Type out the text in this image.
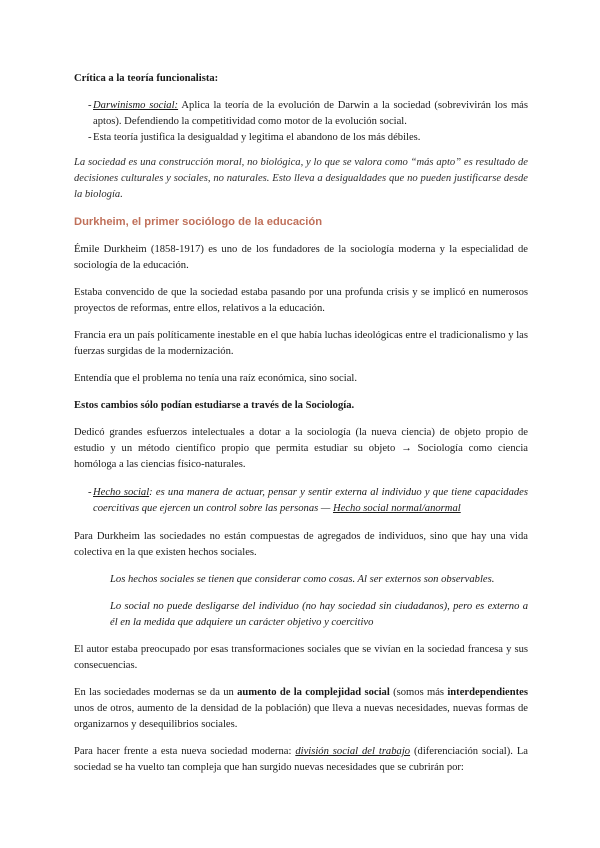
Crítica a la teoría funcionalista:

- Darwinismo social: Aplica la teoría de la evolución de Darwin a la sociedad (sobrevivirán los más aptos). Defendiendo la competitividad como motor de la evolución social.
- Esta teoría justifica la desigualdad y legitima el abandono de los más débiles.

La sociedad es una construcción moral, no biológica, y lo que se valora como “más apto” es resultado de decisiones culturales y sociales, no naturales. Esto lleva a desigualdades que no pueden justificarse desde la biología.

Durkheim, el primer sociólogo de la educación

Émile Durkheim (1858-1917) es uno de los fundadores de la sociología moderna y la especialidad de sociología de la educación.

Estaba convencido de que la sociedad estaba pasando por una profunda crisis y se implicó en numerosos proyectos de reformas, entre ellos, relativos a la educación.

Francia era un país políticamente inestable en el que había luchas ideológicas entre el tradicionalismo y las fuerzas surgidas de la modernización.

Entendía que el problema no tenía una raíz económica, sino social.

Estos cambios sólo podían estudiarse a través de la Sociología.

Dedicó grandes esfuerzos intelectuales a dotar a la sociología (la nueva ciencia) de objeto propio de estudio y un método científico propio que permita estudiar su objeto → Sociología como ciencia homóloga a las ciencias físico-naturales.

- Hecho social: es una manera de actuar, pensar y sentir externa al individuo y que tiene capacidades coercitivas que ejercen un control sobre las personas — Hecho social normal/anormal

Para Durkheim las sociedades no están compuestas de agregados de individuos, sino que hay una vida colectiva en la que existen hechos sociales.

Los hechos sociales se tienen que considerar como cosas. Al ser externos son observables.

Lo social no puede desligarse del individuo (no hay sociedad sin ciudadanos), pero es externo a él en la medida que adquiere un carácter objetivo y coercitivo

El autor estaba preocupado por esas transformaciones sociales que se vivían en la sociedad francesa y sus consecuencias.

En las sociedades modernas se da un aumento de la complejidad social (somos más interdependientes unos de otros, aumento de la densidad de la población) que lleva a nuevas necesidades, nuevas formas de organizarnos y desequilibrios sociales.

Para hacer frente a esta nueva sociedad moderna: división social del trabajo (diferenciación social). La sociedad se ha vuelto tan compleja que han surgido nuevas necesidades que se cubrirán por:
